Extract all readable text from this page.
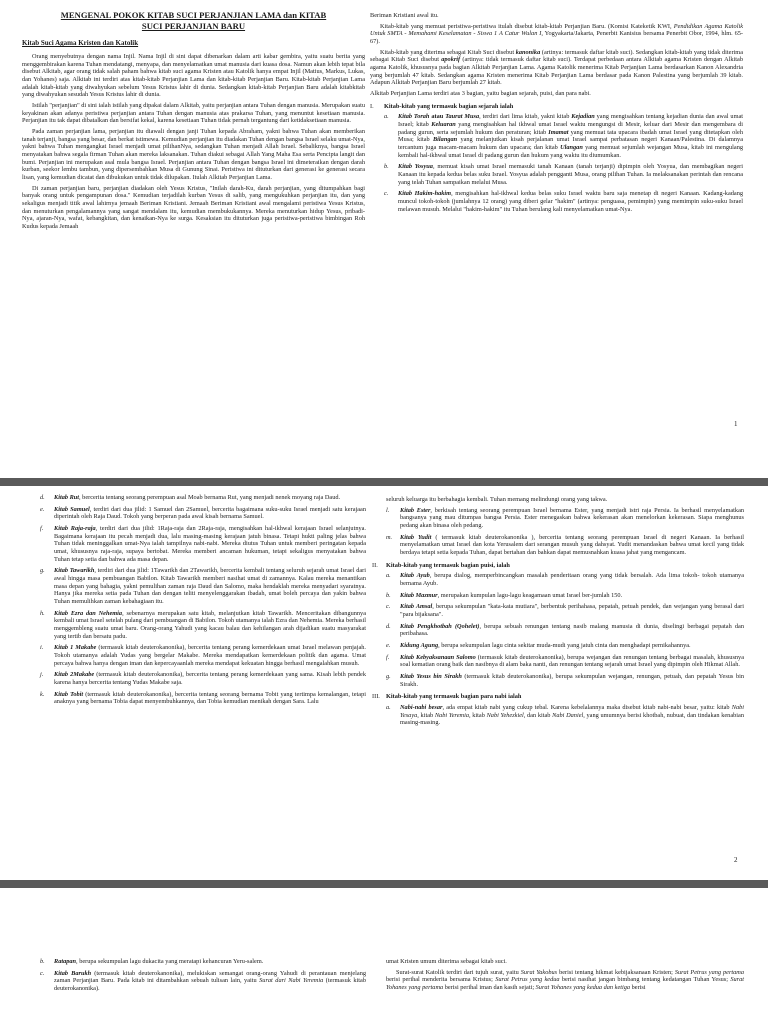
MENGENAL POKOK KITAB SUCI PERJANJIAN LAMA dan KITAB
SUCI PERJANJIAN BARU
Kitab Suci Agama Kristen dan Katolik

Orang menyebutnya dengan nama Injil. Nama Injil di sini dapat dibenarkan dalam arti kabar gembira, yaitu suatu berita yang menggembirakan karena Tuhan mendatangi, menyapa, dan menyelamatkan umat manusia dari kuasa dosa. Namun akan lebih tepat bila disebut Alkitab, agar orang tidak salah paham bahwa kitab suci agama Kristen atau Katolik hanya empat Injil (Matius, Markus, Lukas, dan Yohanes) saja. Alkitab ini terdiri atas kitab-kitab Perjanjian Lama dan kitab-kitab Perjanjian Baru. Kitab-kitab Perjanjian Lama adalah kitab-kitab yang diwahyukan sebelum Yesus Kristus lahir di dunia. Sedangkan kitab-kitab Perjanjian Baru adalah kitabkitab yang diwahyukan sesudah Yesus Kristus lahir di dunia.

Istilah "perjanjian" di sini ialah istilah yang dipakai dalam Alkitab, yaitu perjanjian antara Tuhan dengan manusia. Merupakan suatu keyakinan akan adanya peristiwa perjanjian antara Tuhan dengan manusia atas prakarsa Tuhan, yang menuntut kesetiaan manusia. Perjanjian itu tak dapat dibatalkan dan bersifat kekal, karena kesetiaan Tuhan tidak pernah tergantung dari ketidaksetiaan manusia.

Pada zaman perjanjian lama, perjanjian itu diawali dengan janji Tuhan kepada Abraham, yakni bahwa Tuhan akan memberikan tanah terjanji, bangsa yang besar, dan berkat istimewa. Kemudian perjanjian itu diadakan Tuhan dengan bangsa Israel selaku umat-Nya, yakni bahwa Tuhan mengangkat Israel menjadi umat pilihanNya, sedangkan Tuhan menjadi Allah Israel. Sebaliknya, bangsa Israel menyatakan bahwa segala firman Tuhan akan mereka laksanakan. Tuhan diakui sebagai Allah Yang Maha Esa serta Pencipta langit dan bumi. Perjanjian ini merupakan asal mula bangsa Israel. Perjanjian antara Tuhan dengan bangsa Israel ini dimeteraikan dengan darah kurban, seekor lembu tambun, yang dipersembahkan Musa di Gunung Sinai. Peristiwa ini dituturkan dari generasi ke generasi secara lisan, yang kemudian dicatat dan dibukukan untuk tidak dilupakan. Itulah Alkitab Perjanjian Lama.

Di zaman perjanjian baru, perjanjian diadakan oleh Yesus Kristus, "Inilah darah-Ku, darah perjanjian, yang ditumpahkan bagi banyak orang untuk pengampunan dosa." Kemudian terjadilah kurban Yesus di salib, yang mengukuhkan perjanjian itu, dan yang sekaligus menjadi titik awal lahirnya jemaah Beriman Kristiani. Jemaah Beriman Kristiani awal mengalami peristiwa Yesus Kristus, dan menuturkan pengalamannya yang sangat mendalam itu, kemudian membukukannya. Mereka menuturkan hidup Yesus, pribadi-Nya, ajaran-Nya, wafat, kebangkitan, dan kenaikan-Nya ke surga. Kesaksian itu dituturkan juga peristiwa-peristiwa bimbingan Roh Kudus kepada Jemaah

Beriman Kristiani awal itu.

Kitab-kitab yang memuat peristiwa-peristiwa itulah disebut kitab-kitab Perjanjian Baru. (Komisi Kateketik KWI, Pendidikan Agama Katolik Untuk SMTA - Memahami Keselamatan - Siswa 1 A Catur Wulan I, Yogyakarta/Jakarta, Penerbit Kanisius bersama Penerbit Obor, 1994, hlm. 65-67).

Kitab-kitab yang diterima sebagai Kitab Suci disebut kanonika (artinya: termasuk daftar kitab suci). Sedangkan kitab-kitab yang tidak diterima sebagai Kitab Suci disebut apokrif (artinya: tidak termasuk daftar kitab suci). Terdapat perbedaan antara Alkitab agama Kristen dengan Alkitab agama Katolik, khususnya pada bagian Alkitab Perjanjian Lama. Agama Katolik menerima Kitab Perjanjian Lama berdasarkan Kanon Alexandria yang berjumlah 47 kitab. Sedangkan agama Kristen menerima Kitab Perjanjian Lama berdasar pada Kanon Palestina yang berjumlah 39 kitab. Adapun Alkitab Perjanjian Baru berjumlah 27 kitab.

Alkitab Perjanjian Lama terdiri atas 3 bagian, yaitu bagian sejarah, puisi, dan para nabi.

I. Kitab-kitab yang termasuk bagian sejarah ialah
a. Kitab Torah atau Taurat Musa, terdiri dari lima kitab, yakni kitab Kejadian yang mengisahkan tentang kejadian dunia dan awal umat Israel; kitab Keluaran yang mengisahkan hal ikhwal umat Israel waktu mengungsi di Mesir, keluar dari Mesir dan mengembara di padang gurun, serta sejumlah hukum dan peraturan; kitab Imamat yang memuat tata upacara ibadah umat Israel yang ditetapkan oleh Musa; kitab Bilangan yang melanjutkan kisah perjalanan umat Israel sampai perbatasan negeri Kanaan/Palestina. Di dalamnya tercantum juga macam-macam hukum dan upacara; dan kitab Ulangan yang memuat sejumlah wejangan Musa, kitab ini mengulang kembali hal-ikhwal umat Israel di padang gurun dan hukum yang waktu itu diumumkan.
b. Kitab Yosyua, memuat kisah umat Israel memasuki tanah Kanaan (tanah terjanji) dipimpin oleh Yosyua, dan membagikan negeri Kanaan itu kepada kedua belas suku Israel. Yosyua adalah pengganti Musa, orang pilihan Tuhan. Ia melaksanakan perintah dan rencana yang telah Tuhan sampaikan melalui Musa.
c. Kitab Hakim-hakim, mengisahkan hal-ikhwal kedua belas suku Israel waktu baru saja menetap di negeri Kanaan. Kadang-kadang muncul tokoh-tokoh (jumlahnya 12 orang) yang diberi gelar "hakim" (artinya: penguasa, pemimpin) yang memimpin suku-suku Israel melawan musuh. Melalui "hakim-hakim" itu Tuhan berulang kali menyelamatkan umat-Nya.
1
d. Kitab Rut, bercerita tentang seorang perempuan asal Moab bernama Rut, yang menjadi nenek moyang raja Daud.
e. Kitab Samuel, terdiri dari dua jilid: 1 Samuel dan 2Samuel, bercerita bagaimana suku-suku Israel menjadi satu kerajaan diperintah oleh Raja Daud. Tokoh yang berperan pada awal kisah bernama Samuel.
f. Kitab Raja-raja, terdiri dari dua jilid: 1Raja-raja dan 2Raja-raja, mengisahkan hal-ikhwal kerajaan Israel selanjutnya. Bagaimana kerajaan itu pecah menjadi dua, lalu masing-masing kerajaan jatuh binasa. Tetapi hukti paling jelas bahwa Tuhan tidak meninggalkan umat-Nya ialah tampilnya nabi-nabi. Mereka diutus Tuhan untuk memberi peringatan kepada umat, khususnya raja-raja, supaya bertobat. Mereka memberi ancaman hukuman, tetapi sekaligus menyatakan bahwa Tuhan tetap setia dan bahwa ada masa depan.
g. Kitab Tawarikh, terdiri dari dua jilid: 1Tawarikh dan 2Tawarikh, bercerita kembali tentang seluruh sejarah umat Israel dari awal hingga masa pembuangan Babilon. Kitab Tawarikh memberi nasihat umat di zamannya. Kalau mereka menantikan masa depan yang bahagia, yakni pemulihan zaman raja Daud dan Salomo, maka hendaklah mereka menyadari syaratnya. Hanya jika mereka setia pada Tuhan dan dengan teliti menyelenggarakan ibadah, umat boleh percaya dan yakin bahwa Tuhan memulihkan zaman kebahagiaan itu.
h. Kitab Ezra dan Nehemia, sebenarnya merupakan satu kitab, melanjutkan kitab Tawarikh. Menceritakan dibangunnya kembali umat Israel setelah pulang dari pembuangan di Babilon. Tokoh utamanya ialah Ezra dan Nehemia. Mereka berhasil menggembleng suatu umat baru. Orang-orang Yahudi yang kacau balau dan kehilangan arah dijadikan suatu masyarakat yang tertib dan bersatu padu.
i. Kitab 1 Makabe (termasuk kitab deuterokanonika), bercerita tentang perang kemerdekaan umat Israel melawan penjajah. Tokoh utamanya adalah Yudas yang bergelar Makabe. Mereka mendapatkan kemerdekaan politik dan agama. Umat percaya bahwa hanya dengan iman dan kepercayaanlah mereka mendapat kekuatan hingga berhasil mengalahkan musuh.
j. Kitab 2Makabe (termasuk kitab deuterokanonika), bercerita tentang perang kemerdekaan yang sama. Kisah lebih pendek karena hanya bercerita tentang Yudas Makabe saja.
k. Kitab Tobit (termasuk kitab deuterokanonika), bercerita tentang seorang bernama Tobit yang tertimpa kemalangan, tetapi anaknya yang bernama Tobia dapat menyembuhkannya, dan Tobia kemudian menikah dengan Sara. Lalu

seluruh keluarga itu berbahagia kembali. Tuhan memang melindungi orang yang takwa.

l. Kitab Ester, berkisah tentang seorang perempuan Israel bernama Ester, yang menjadi istri raja Persia. Ia berhasil menyelamatkan bangsanya yang mau ditumpas bangsa Persia. Ester menegaskan bahwa kekerasan akan menelorkan kekerasan. Siapa menghunus pedang akan binasa oleh pedang.
m. Kitab Yudit ( termasuk kitab deuterokanonika ), bercerita tentang seorang perempuan Israel di negeri Kanaan. Ia berhasil menyelamatkan umat Israel dan kota Yerusalem dari serangan musuh yang dahsyat. Yudit menandaskan bahwa umat kecil yang tidak berdaya tetapi setia kepada Tuhan, dapat bertahan dan bahkan dapat memusnahkan kuasa jahat yang mengancam.
II. Kitab-kitab yang termasuk bagian puisi, ialah
a. Kitab Ayub, berupa dialog, memperbincangkan masalah penderitaan orang yang tidak bersalah. Ada lima tokoh- tokoh utamanya bernama Ayub.
b. Kitab Mazmur, merupakan kumpulan lagu-lagu keagamaan umat Israel ber-jumlah 150.
c. Kitab Amsal, berupa sekumpulan "kata-kata mutiara", berbentuk perihahasa, pepatah, petuah pendek, dan wejangan yang berasal dari "para bijaksana".
d. Kitab Pengkhotbah (Qohelet), berupa sebuah renungan tentang nasib malang manusia di dunia, diselingi berbagai pepatah dan peribahasa.
e. Kidung Agung, berupa sekumpulan lagu cinta sekitar muda-mudi yang jatuh cinta dan menghadapi pernikahannya.
f. Kitab Kebyaksanaan Salomo (termasuk kitab deuterokanonika), berupa wejangan dan renungan tentang berbagai masalah, khususnya soal kematian orang baik dan nasibnya di alam baka nanti, dan renungan tentang sejarah umat Israel yang dipimpin oleh Hikmat Allah.
g. Kitab Yesus bin Sirakh (termasuk kitab deuterokanonika), berupa sekumpulan wejangan, renungan, petuah, dan pepatah Yesus bin Sirakh.
III. Kitab-kitab yang termasuk bagian para nabi ialah
a. Nabi-nabi besar, ada empat kitab nabi yang cukup tebal. Karena kebelalannya maka disebut kitab nabi-nabi besar, yaitu: kitab Nabi Yesaya, kitab Nabi Yeremia, kitab Nabi Yehezkiel, dan kitab Nabi Daniel, yang umumnya berisi khotbah, nubuat, dan tindakan kenabian masing-masing.
2
b. Ratapan, berupa sekumpulan lagu dukacita yang meratapi kehancuran Yeru-salem.
c. Kitab Barukh (termasuk kitab deuterokanonika), melukiskan semangat orang-orang Yahudi di perantauan menjelang zaman Perjanjian Baru. Pada kitab ini ditambahkan sebuah tulisan lain, yaitu Surat dari Nabi Yeremia (termasuk kitab deuterokanonika).

umat Kristen umum diterima sebagai kitab suci.

Surat-surat Katolik terdiri dari tujuh surat, yaitu Surat Yakobus berisi tentang hikmat kebijaksanaan Kristen; Surat Petrus yang pertama berisi perihal menderita bersama Kristus; Surat Petrus yang kedua berisi nasihat jangan bimbang tentang kedatangan Tuhan Yesus; Surat Yohanes yang pertama berisi perihal iman dan kasih sejati; Surat Yohanes yang kedua dan ketiga berisi
